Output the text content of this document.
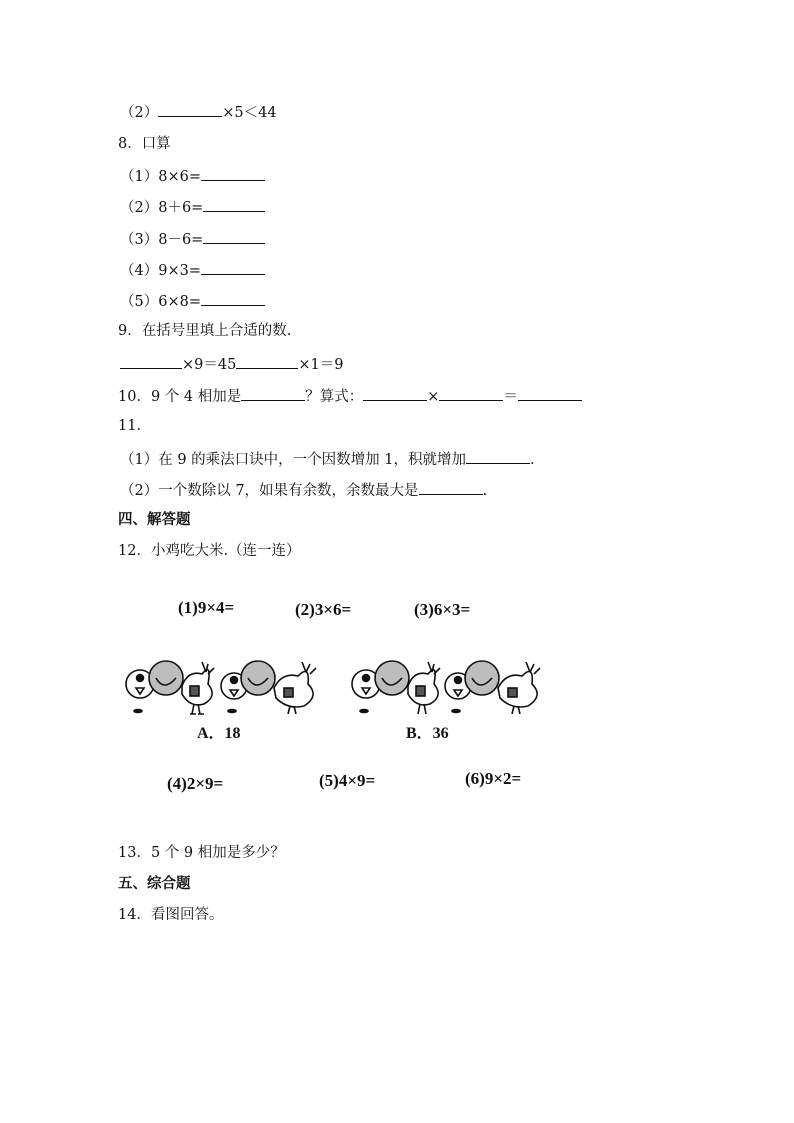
（2）	×5＜44
8．口算
（1）8×6=
（2）8＋6=
（3）8－6=
（4）9×3=
（5）6×8=
9．在括号里填上合适的数.
×9＝45	×1＝9
10．9 个 4 相加是	？算式：	×	＝
11．
（1）在 9 的乘法口诀中，一个因数增加 1，积就增加	.
（2）一个数除以 7，如果有余数，余数最大是	.
四、解答题
12．小鸡吃大米.（连一连）
(1)9×4=	(2)3×6=	(3)6×3=
A．18	B．36
(4)2×9=	(5)4×9=	(6)9×2=
13．5 个 9 相加是多少？
五、综合题
14．看图回答。
